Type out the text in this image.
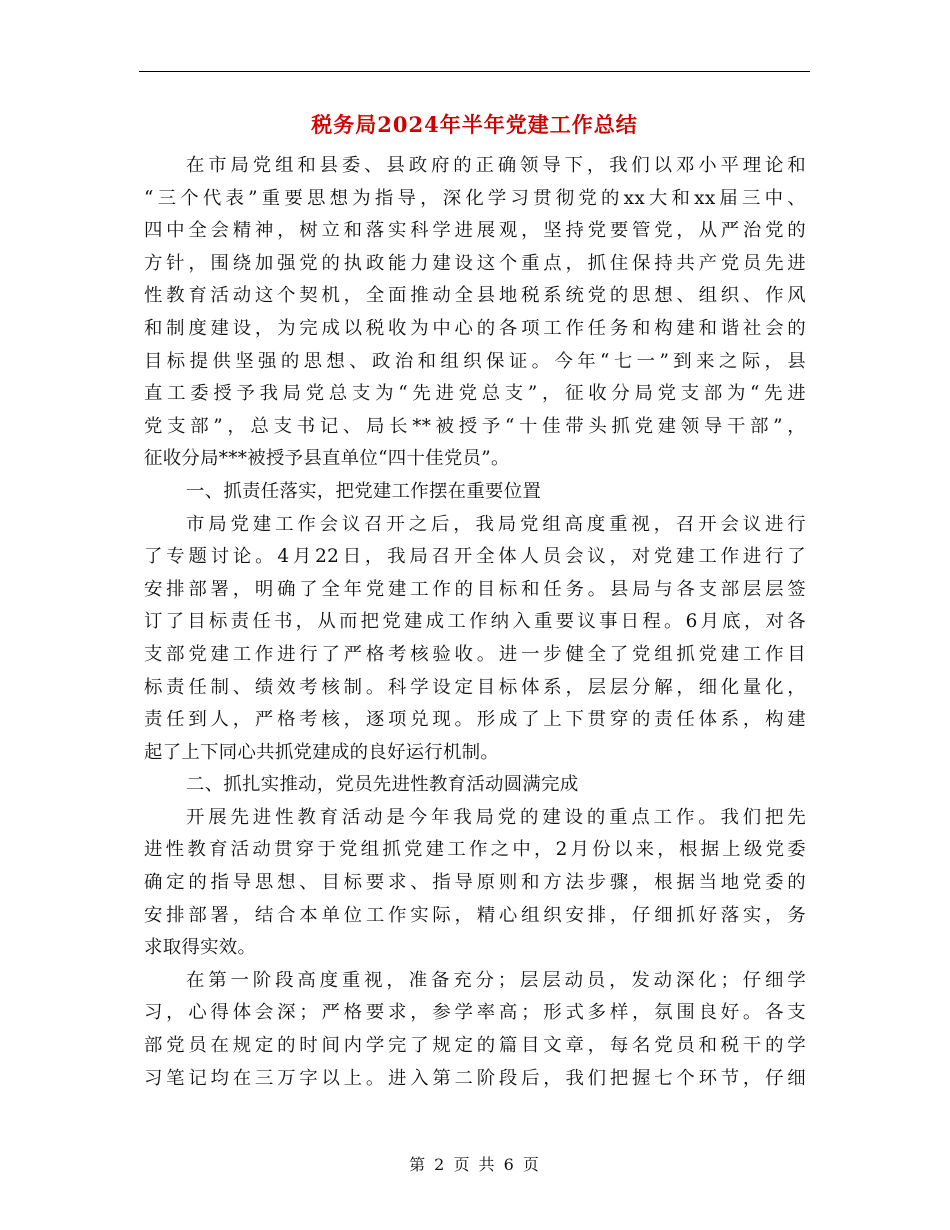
税务局2024年半年党建工作总结
在市局党组和县委、县政府的正确领导下，我们以邓小平理论和
“三个代表”重要思想为指导，深化学习贯彻党的xx大和xx届三中、
四中全会精神，树立和落实科学进展观，坚持党要管党，从严治党的
方针，围绕加强党的执政能力建设这个重点，抓住保持共产党员先进
性教育活动这个契机，全面推动全县地税系统党的思想、组织、作风
和制度建设，为完成以税收为中心的各项工作任务和构建和谐社会的
目标提供坚强的思想、政治和组织保证。今年“七一”到来之际，县
直工委授予我局党总支为“先进党总支”，征收分局党支部为“先进
党支部”，总支书记、局长**被授予“十佳带头抓党建领导干部”，
征收分局***被授予县直单位“四十佳党员”。
一、抓责任落实，把党建工作摆在重要位置
市局党建工作会议召开之后，我局党组高度重视，召开会议进行
了专题讨论。4月22日，我局召开全体人员会议，对党建工作进行了
安排部署，明确了全年党建工作的目标和任务。县局与各支部层层签
订了目标责任书，从而把党建成工作纳入重要议事日程。6月底，对各
支部党建工作进行了严格考核验收。进一步健全了党组抓党建工作目
标责任制、绩效考核制。科学设定目标体系，层层分解，细化量化，
责任到人，严格考核，逐项兑现。形成了上下贯穿的责任体系，构建
起了上下同心共抓党建成的良好运行机制。
二、抓扎实推动，党员先进性教育活动圆满完成
开展先进性教育活动是今年我局党的建设的重点工作。我们把先
进性教育活动贯穿于党组抓党建工作之中，2月份以来，根据上级党委
确定的指导思想、目标要求、指导原则和方法步骤，根据当地党委的
安排部署，结合本单位工作实际，精心组织安排，仔细抓好落实，务
求取得实效。
在第一阶段高度重视，准备充分；层层动员，发动深化；仔细学
习，心得体会深；严格要求，参学率高；形式多样，氛围良好。各支
部党员在规定的时间内学完了规定的篇目文章，每名党员和税干的学
习笔记均在三万字以上。进入第二阶段后，我们把握七个环节，仔细
第 2 页 共 6 页
